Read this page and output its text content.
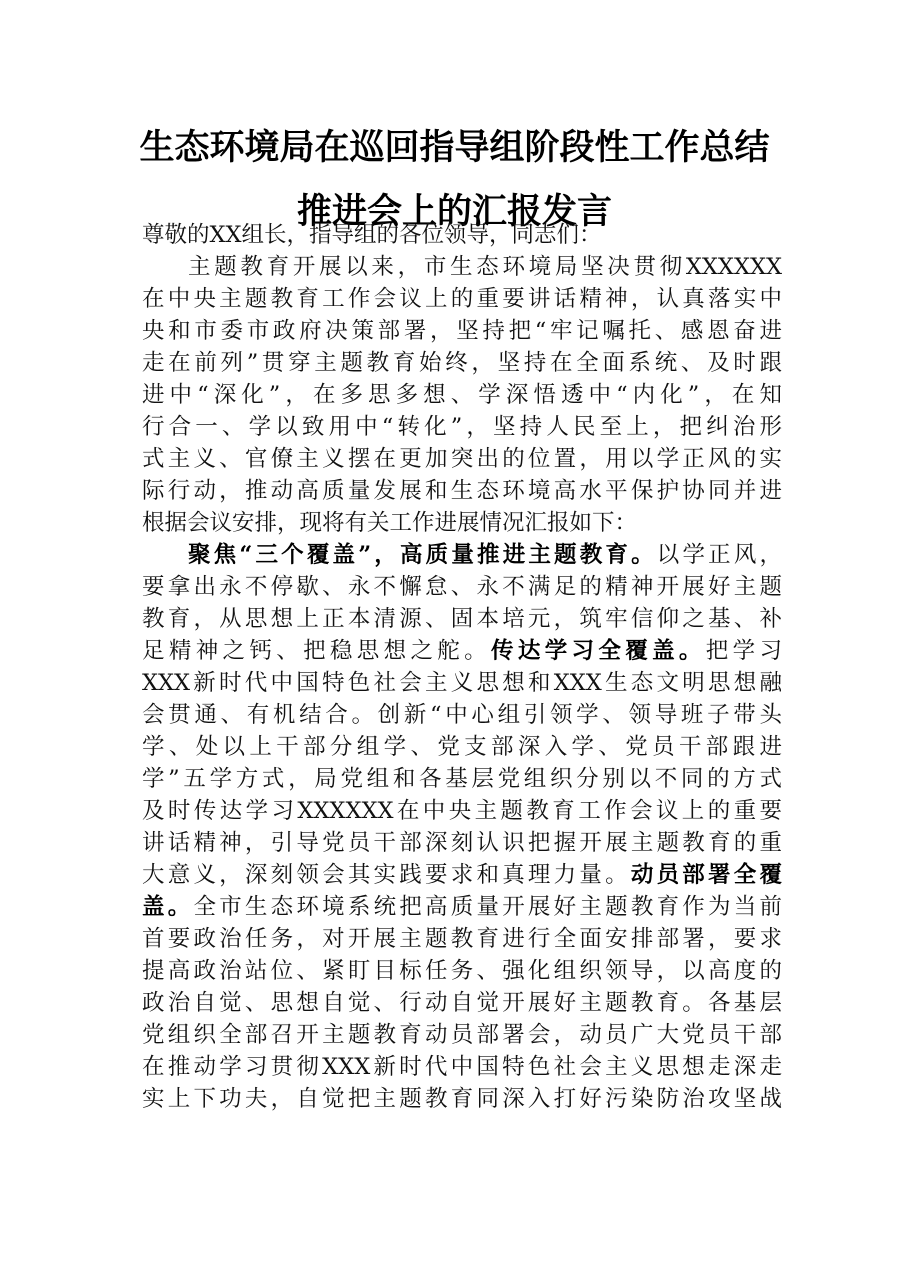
生态环境局在巡回指导组阶段性工作总结
推进会上的汇报发言
尊敬的XX组长，指导组的各位领导，同志们：
主题教育开展以来，市生态环境局坚决贯彻XXXXXX
在中央主题教育工作会议上的重要讲话精神，认真落实中
央和市委市政府决策部署，坚持把“牢记嘱托、感恩奋进
走在前列”贯穿主题教育始终，坚持在全面系统、及时跟
进中“深化”，在多思多想、学深悟透中“内化”，在知
行合一、学以致用中“转化”，坚持人民至上，把纠治形
式主义、官僚主义摆在更加突出的位置，用以学正风的实
际行动，推动高质量发展和生态环境高水平保护协同并进
根据会议安排，现将有关工作进展情况汇报如下：
聚焦“三个覆盖”，高质量推进主题教育。以学正风，
要拿出永不停歇、永不懈怠、永不满足的精神开展好主题
教育，从思想上正本清源、固本培元，筑牢信仰之基、补
足精神之钙、把稳思想之舵。传达学习全覆盖。把学习
XXX新时代中国特色社会主义思想和XXX生态文明思想融
会贯通、有机结合。创新“中心组引领学、领导班子带头
学、处以上干部分组学、党支部深入学、党员干部跟进
学”五学方式，局党组和各基层党组织分别以不同的方式
及时传达学习XXXXXX在中央主题教育工作会议上的重要
讲话精神，引导党员干部深刻认识把握开展主题教育的重
大意义，深刻领会其实践要求和真理力量。动员部署全覆
盖。全市生态环境系统把高质量开展好主题教育作为当前
首要政治任务，对开展主题教育进行全面安排部署，要求
提高政治站位、紧盯目标任务、强化组织领导，以高度的
政治自觉、思想自觉、行动自觉开展好主题教育。各基层
党组织全部召开主题教育动员部署会，动员广大党员干部
在推动学习贯彻XXX新时代中国特色社会主义思想走深走
实上下功夫，自觉把主题教育同深入打好污染防治攻坚战
